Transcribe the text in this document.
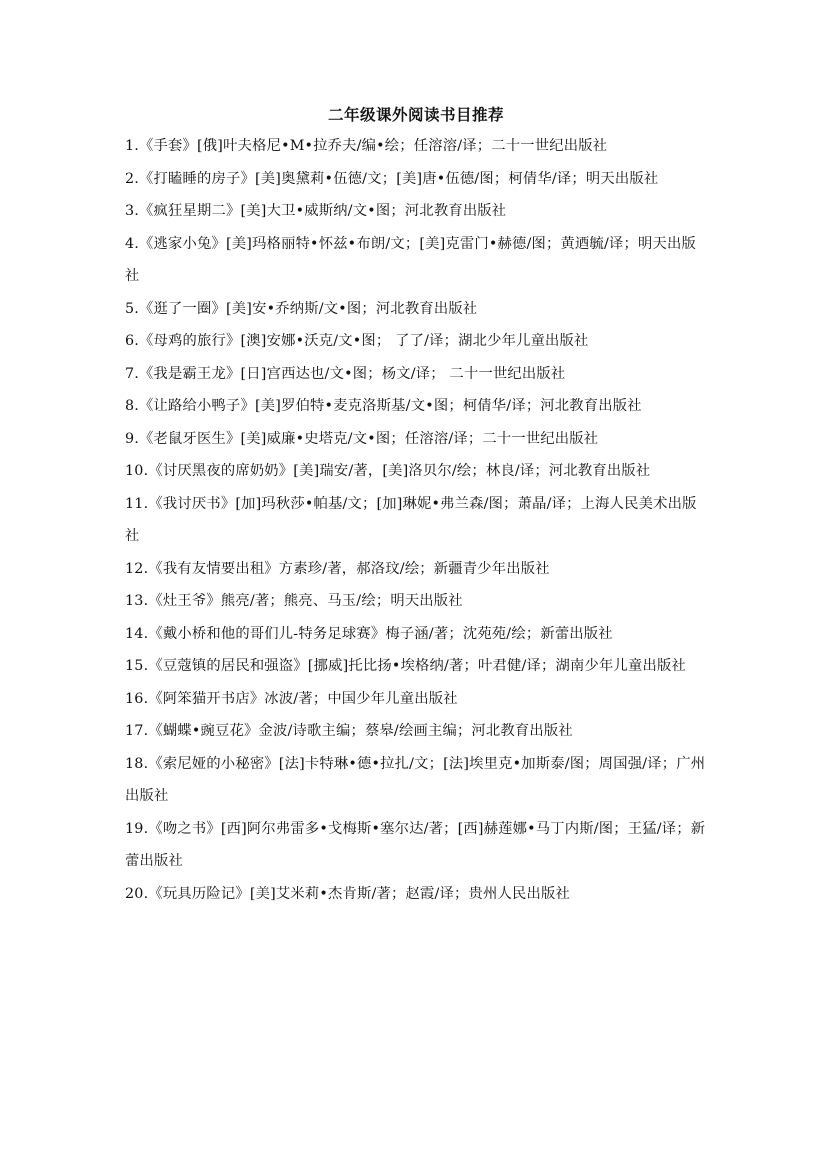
二年级课外阅读书目推荐
1.《手套》[俄]叶夫格尼•M•拉乔夫/编•绘；任溶溶/译；二十一世纪出版社
2.《打瞌睡的房子》[美]奥黛莉•伍德/文；[美]唐•伍德/图；柯倩华/译；明天出版社
3.《疯狂星期二》[美]大卫•威斯纳/文•图；河北教育出版社
4.《逃家小兔》[美]玛格丽特•怀兹•布朗/文；[美]克雷门•赫德/图；黄迺毓/译；明天出版社
5.《逛了一圈》[美]安•乔纳斯/文•图；河北教育出版社
6.《母鸡的旅行》[澳]安娜•沃克/文•图； 了了/译；湖北少年儿童出版社
7.《我是霸王龙》[日]宫西达也/文•图；杨文/译； 二十一世纪出版社
8.《让路给小鸭子》[美]罗伯特•麦克洛斯基/文•图；柯倩华/译；河北教育出版社
9.《老鼠牙医生》[美]威廉•史塔克/文•图；任溶溶/译；二十一世纪出版社
10.《讨厌黑夜的席奶奶》[美]瑞安/著，[美]洛贝尔/绘；林良/译；河北教育出版社
11.《我讨厌书》[加]玛秋莎•帕基/文；[加]琳妮•弗兰森/图；萧晶/译；上海人民美术出版社
12.《我有友情要出租》方素珍/著，郝洛玟/绘；新疆青少年出版社
13.《灶王爷》熊亮/著；熊亮、马玉/绘；明天出版社
14.《戴小桥和他的哥们儿-特务足球赛》梅子涵/著；沈苑苑/绘；新蕾出版社
15.《豆蔻镇的居民和强盗》[挪威]托比扬•埃格纳/著；叶君健/译；湖南少年儿童出版社
16.《阿笨猫开书店》冰波/著；中国少年儿童出版社
17.《蝴蝶•豌豆花》金波/诗歌主编；蔡皋/绘画主编；河北教育出版社
18.《索尼娅的小秘密》[法]卡特琳•德•拉扎/文；[法]埃里克•加斯泰/图；周国强/译；广州出版社
19.《吻之书》[西]阿尔弗雷多•戈梅斯•塞尔达/著；[西]赫莲娜•马丁内斯/图；王猛/译；新蕾出版社
20.《玩具历险记》[美]艾米莉•杰肯斯/著；赵霞/译；贵州人民出版社
